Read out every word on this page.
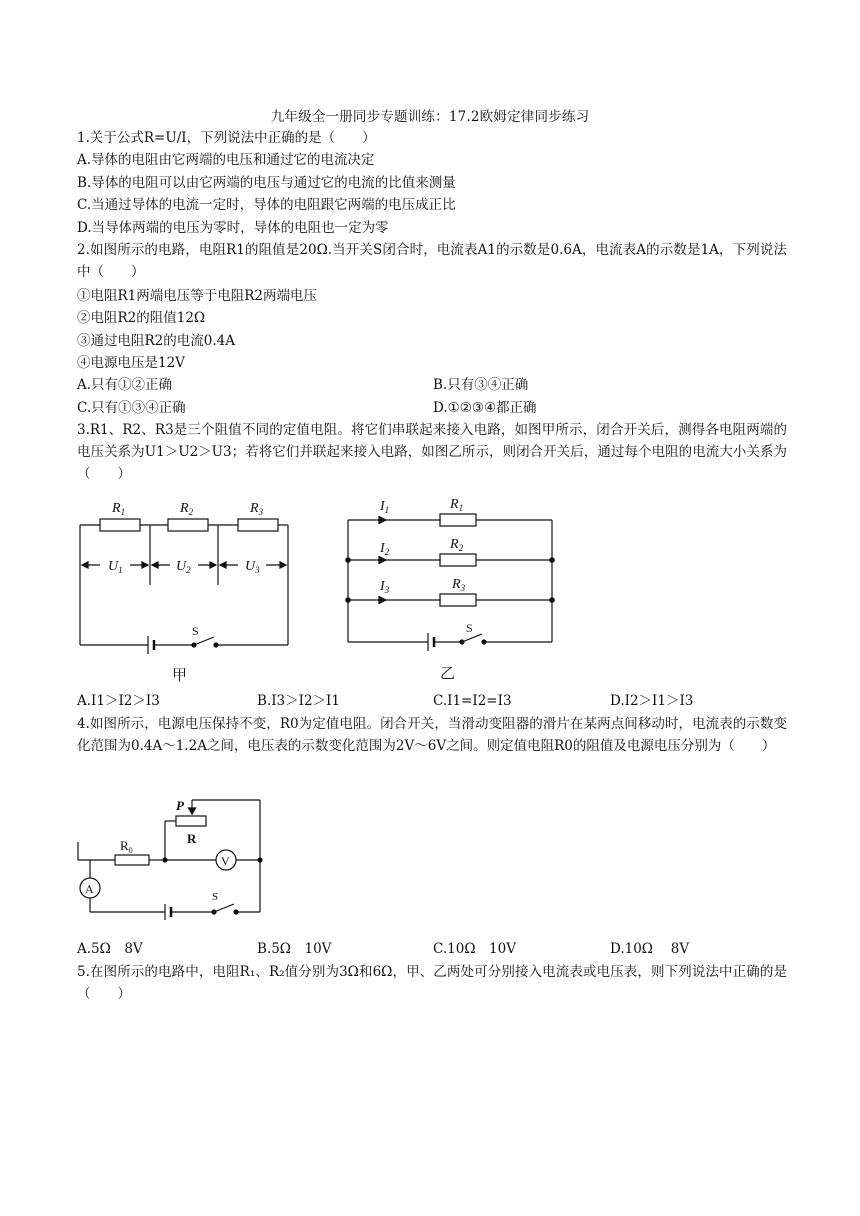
九年级全一册同步专题训练：17.2欧姆定律同步练习
1.关于公式R=U/I，下列说法中正确的是（　　）
A.导体的电阻由它两端的电压和通过它的电流决定
B.导体的电阻可以由它两端的电压与通过它的电流的比值来测量
C.当通过导体的电流一定时，导体的电阻跟它两端的电压成正比
D.当导体两端的电压为零时，导体的电阻也一定为零
2.如图所示的电路，电阻R1的阻值是20Ω.当开关S闭合时，电流表A1的示数是0.6A，电流表A的示数是1A，下列说法中（　　）
①电阻R1两端电压等于电阻R2两端电压
②电阻R2的阻值12Ω
③通过电阻R2的电流0.4A
④电源电压是12V
A.只有①②正确	B.只有③④正确
C.只有①③④正确	D.①②③④都正确
3.R1、R2、R3是三个阻值不同的定值电阻。将它们串联起来接入电路，如图甲所示，闭合开关后，测得各电阻两端的电压关系为U1＞U2＞U3；若将它们并联起来接入电路，如图乙所示，则闭合开关后，通过每个电阻的电流大小关系为（　　）
$R_1$	$R_2$	$R_3$
$U_1$	$U_2$	$U_3$
S
甲
$I_1$
$I_2$
$I_3$
$R_1$
$R_2$
$R_3$
S
乙
A.I1＞I2＞I3	B.I3＞I2＞I1	C.I1=I2=I3	D.I2＞I1＞I3
4.如图所示，电源电压保持不变，R0为定值电阻。闭合开关，当滑动变阻器的滑片在某两点间移动时，电流表的示数变化范围为0.4A～1.2A之间，电压表的示数变化范围为2V～6V之间。则定值电阻R0的阻值及电源电压分别为（　　）
P
R
$R_0$
V
A
S
A.5Ω　8V	B.5Ω　10V	C.10Ω　10V	D.10Ω　 8V
5.在图所示的电路中，电阻R₁、R₂值分别为3Ω和6Ω，甲、乙两处可分别接入电流表或电压表，则下列说法中正确的是（　　）
